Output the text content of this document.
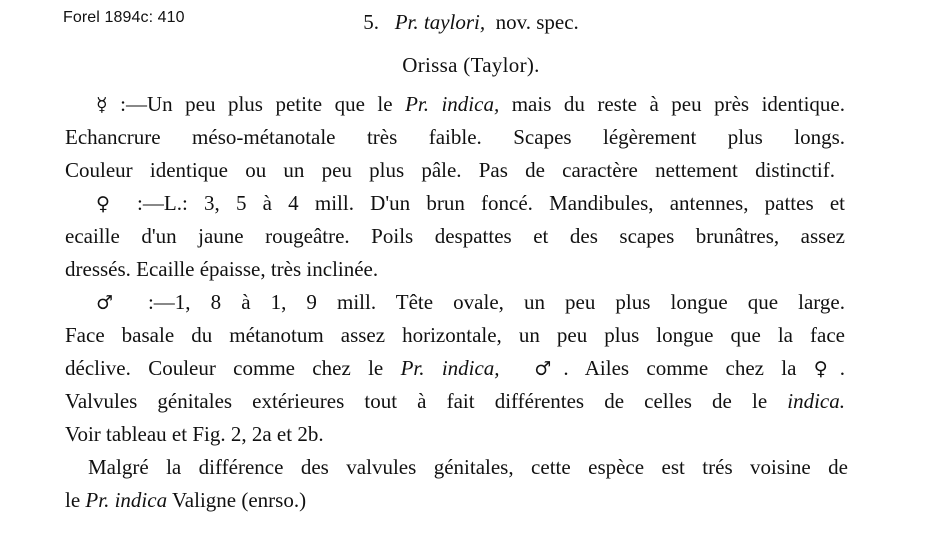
Forel 1894c: 410	5. Pr. taylori, nov. spec.
Orissa (Taylor).
☿ :—Un peu plus petite que le Pr. indica, mais du reste à peu près identique.
Echancrure méso-métanotale très faible. Scapes légèrement plus longs.
Couleur identique ou un peu plus pâle. Pas de caractère nettement distinctif.
♀ :—L.: 3, 5 à 4 mill. D'un brun foncé. Mandibules, antennes, pattes et
ecaille d'un jaune rougeâtre. Poils despattes et des scapes brunâtres, assez
dressés. Ecaille épaisse, très inclinée.
♂ :—1, 8 à 1, 9 mill. Tête ovale, un peu plus longue que large.
Face basale du métanotum assez horizontale, un peu plus longue que la face
déclive. Couleur comme chez le Pr. indica, ♂. Ailes comme chez la ♀.
Valvules génitales extérieures tout à fait différentes de celles de le indica.
Voir tableau et Fig. 2, 2a et 2b.
Malgré la différence des valvules génitales, cette espèce est trés voisine de
le Pr. indica Valigne (enrso.)
